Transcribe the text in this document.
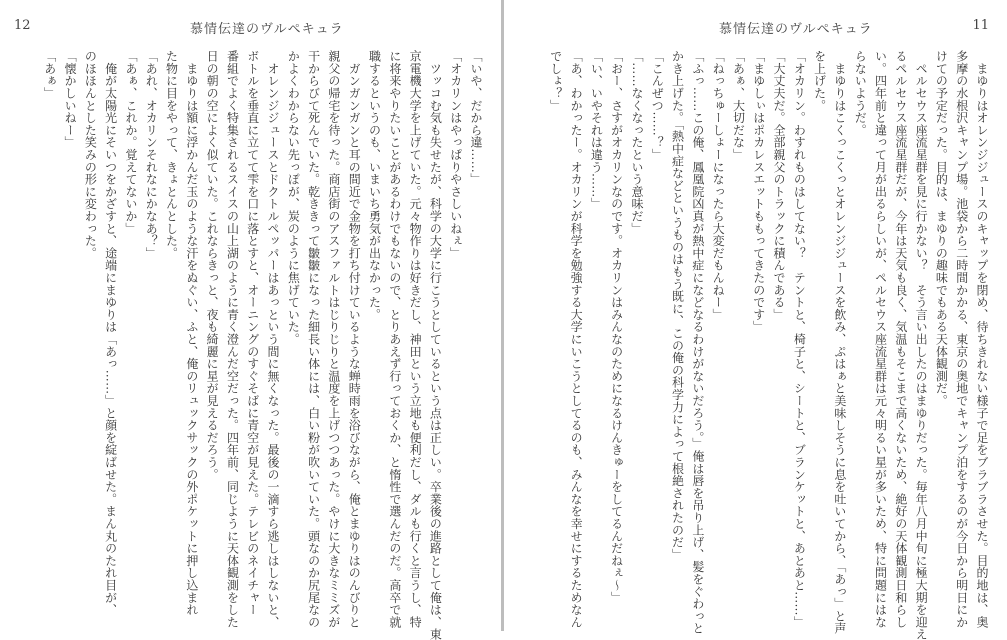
12	慕情伝達のヴルペキュラ
「いや、だから違……」
「オカリンはやっぱりやさしいねぇ」
　ツッコむ気も失せたが、科学の大学に行こうとしているという点は正しい。卒業後の進路として俺は、東
京電機大学を上げていた。元々物作りは好きだし、神田という立地も便利だし、ダルも行くと言うし、特
に将来やりたいことがあるわけでもないので、とりあえず行っておくか、と惰性で選んだのだ。高卒で就
職するというのも、いまいち勇気が出なかった。
　ガンガンガンと耳の間近で金物を打ち付けているような蝉時雨を浴びながら、俺とまゆりはのんびりと
親父の帰宅を待った。商店街のアスファルトはじりじりと温度を上げつつあった。やけに大きなミミズが
干からびて死んでいた。乾ききって皺皺になった細長い体には、白い粉が吹いていた。頭なのか尻尾なの
かよくわからない先っぽが、炭のように焦げていた。
　オレンジジュースとドクトルペッパーはあっという間に無くなった。最後の一滴すら逃しはしないと、
ボトルを垂直に立てて雫を口に落とすと、オーニングのすぐそばに青空が見えた。テレビのネイチャー
番組でよく特集されるスイスの山上湖のように青く澄んだ空だった。四年前、同じように天体観測をした
日の朝の空によく似ていた。これならきっと、夜も綺麗に星が見えるだろう。
　まゆりは額に浮かんだ玉のような汗をぬぐい、ふと、俺のリュックサックの外ポケットに押し込まれ
た物に目をやって、きょとんとした。
「あれ、オカリンそれなにかなあ？」
「あぁ、これか。覚えてないか」
　俺が太陽光にそいつをかざすと、途端にまゆりは「あっ……」と顔を綻ばせた。まん丸のたれ目が、
のほほんとした笑みの形に変わった。
「懐かしいねー」
「あぁ」
慕情伝達のヴルペキュラ	11
　まゆりはオレンジジュースのキャップを閉め、待ちきれない様子で足をブラブラさせた。目的地は、奥
多摩の水根沢キャンプ場。池袋から二時間かかる、東京の奥地でキャンプ泊をするのが今日から明日にか
けての予定だった。目的は、まゆりの趣味でもある天体観測だ。
　ペルセウス座流星群を見に行かない？　そう言い出したのはまゆりだった。毎年八月中旬に極大期を迎え
るペルセウス座流星群だが、今年は天気も良く、気温もそこまで高くないため、絶好の天体観測日和らし
い。四年前と違って月が出るらしいが、ペルセウス座流星群は元々明るい星が多いため、特に問題にはな
らないようだ。
　まゆりはこくっこくっとオレンジジュースを飲み、ぷはぁと美味しそうに息を吐いてから、「あっ」と声
を上げた。
「オカリン。わすれものはしてない？　テントと、椅子と、シートと、ブランケットと、あとあと……」
「大丈夫だ。全部親父のトラックに積んである」
「まゆしぃはポカレスエットももってきたのです」
「あぁ、大切だな」
「ねっちゅーしょーになったら大変だもんねー」
「ふっ……この俺、鳳凰院凶真が熱中症になどなるわけがないだろう。」俺は唇を吊り上げ、髪をぐわっと
かき上げた。「熱中症などというものはもう既に、この俺の科学力によって根絶されたのだ」
「こんぜつ……？」
「……なくなったという意味だ」
「おー、さすがオカリンなのです。オカリンはみんなのためになるけんきゅーをしてるんだねぇ～」
「い、いやそれは違う……」
「あ、わかったー。オカリンが科学を勉強する大学にいこうとしてるのも、みんなを幸せにするためなん
でしょ？」
